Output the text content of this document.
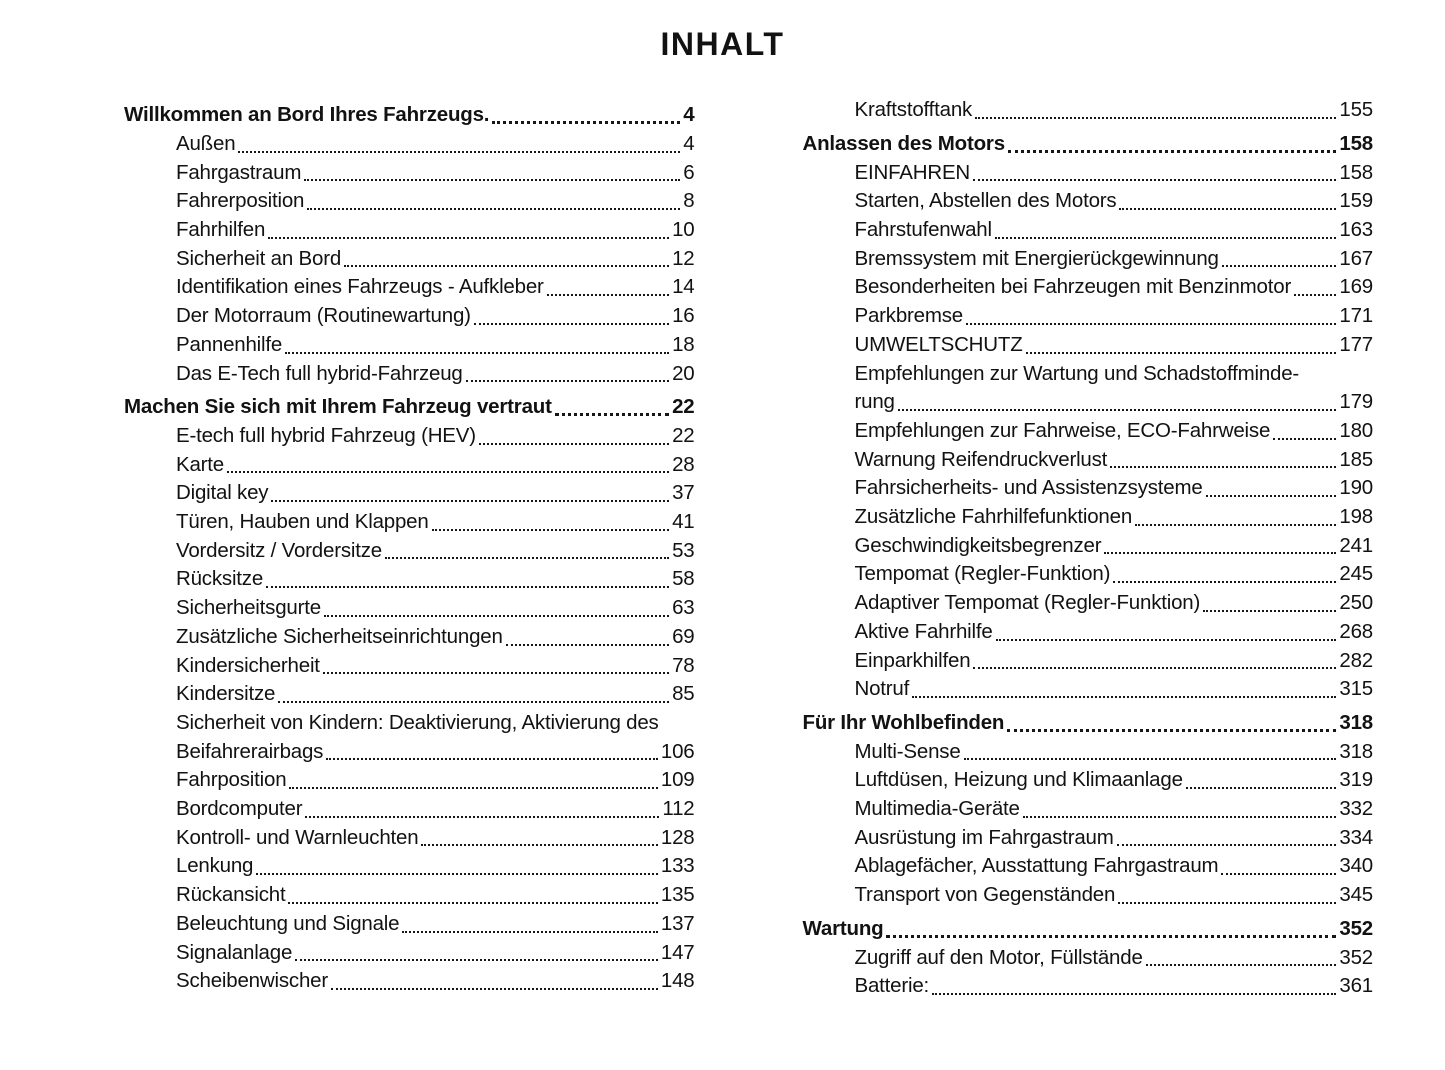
INHALT
Willkommen an Bord Ihres Fahrzeugs.	4
Außen	4
Fahrgastraum	6
Fahrerposition	8
Fahrhilfen	10
Sicherheit an Bord	12
Identifikation eines Fahrzeugs - Aufkleber	14
Der Motorraum (Routinewartung)	16
Pannenhilfe	18
Das E-Tech full hybrid-Fahrzeug	20
Machen Sie sich mit Ihrem Fahrzeug vertraut	22
E-tech full hybrid Fahrzeug (HEV)	22
Karte	28
Digital key	37
Türen, Hauben und Klappen	41
Vordersitz / Vordersitze	53
Rücksitze	58
Sicherheitsgurte	63
Zusätzliche Sicherheitseinrichtungen	69
Kindersicherheit	78
Kindersitze	85
Sicherheit von Kindern: Deaktivierung, Aktivierung des
Beifahrerairbags	106
Fahrposition	109
Bordcomputer	112
Kontroll- und Warnleuchten	128
Lenkung	133
Rückansicht	135
Beleuchtung und Signale	137
Signalanlage	147
Scheibenwischer	148
Kraftstofftank	155
Anlassen des Motors	158
EINFAHREN	158
Starten, Abstellen des Motors	159
Fahrstufenwahl	163
Bremssystem mit Energierückgewinnung	167
Besonderheiten bei Fahrzeugen mit Benzinmotor 169
Parkbremse	171
UMWELTSCHUTZ	177
Empfehlungen zur Wartung und Schadstoffminde-
rung	179
Empfehlungen zur Fahrweise, ECO-Fahrweise	180
Warnung Reifendruckverlust	185
Fahrsicherheits- und Assistenzsysteme	190
Zusätzliche Fahrhilfefunktionen	198
Geschwindigkeitsbegrenzer	241
Tempomat (Regler-Funktion)	245
Adaptiver Tempomat (Regler-Funktion)	250
Aktive Fahrhilfe	268
Einparkhilfen	282
Notruf	315
Für Ihr Wohlbefinden	318
Multi-Sense	318
Luftdüsen, Heizung und Klimaanlage	319
Multimedia-Geräte	332
Ausrüstung im Fahrgastraum	334
Ablagefächer, Ausstattung Fahrgastraum	340
Transport von Gegenständen	345
Wartung	352
Zugriff auf den Motor, Füllstände	352
Batterie:	361
